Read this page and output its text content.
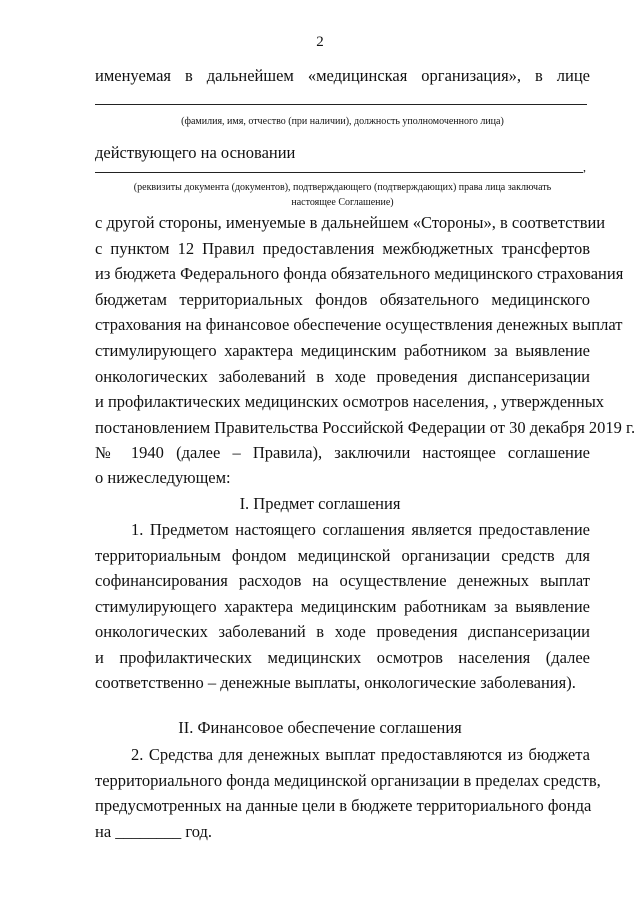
2
именуемая в дальнейшем «медицинская организация», в лице
(фамилия, имя, отчество (при наличии), должность уполномоченного лица)
действующего на основании
,
(реквизиты документа (документов), подтверждающего (подтверждающих) права лица заключать
настоящее Соглашение)
с другой стороны, именуемые в дальнейшем «Стороны», в соответствии
с пунктом 12 Правил предоставления межбюджетных трансфертов
из бюджета Федерального фонда обязательного медицинского страхования
бюджетам территориальных фондов обязательного медицинского
страхования на финансовое обеспечение осуществления денежных выплат
стимулирующего характера медицинским работником за выявление
онкологических заболеваний в ходе проведения диспансеризации
и профилактических медицинских осмотров населения, , утвержденных
постановлением Правительства Российской Федерации от 30 декабря 2019 г.
№ 1940 (далее – Правила), заключили настоящее соглашение
о нижеследующем:
I. Предмет соглашения
1. Предметом настоящего соглашения является предоставление
территориальным фондом медицинской организации средств для
софинансирования расходов на осуществление денежных выплат
стимулирующего характера медицинским работникам за выявление
онкологических заболеваний в ходе проведения диспансеризации
и профилактических медицинских осмотров населения (далее
соответственно – денежные выплаты, онкологические заболевания).
II. Финансовое обеспечение соглашения
2. Средства для денежных выплат предоставляются из бюджета
территориального фонда медицинской организации в пределах средств,
предусмотренных на данные цели в бюджете территориального фонда
на ________ год.
